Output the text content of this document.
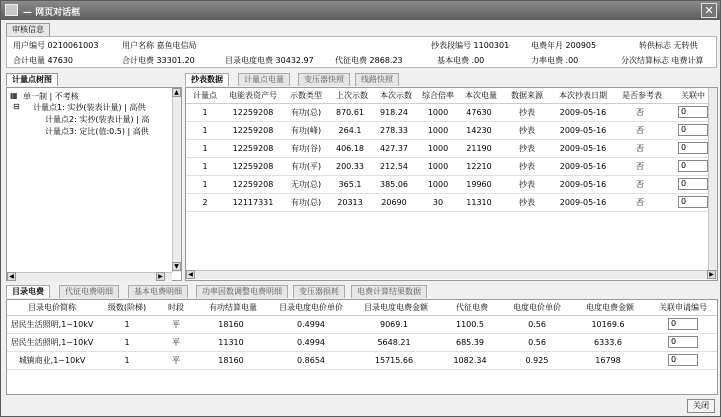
— 网页对话框	✕
审核信息
用户编号 0210061003	用户名称 嘉鱼电信局	抄表段编号 1100301	电费年月 200905	转供标志 无转供
合计电量 47630	合计电费 33301.20	目录电度电费 30432.97	代征电费 2868.23	基本电费 .00	力率电费 .00	分次结算标志 电费计算
计量点树图
▦ 单一制 | 不考核
⊟ 计量点1: 实抄(装表计量) | 高供
计量点2: 实抄(装表计量) | 高
计量点3: 定比(值:0.5) | 高供
▲
▼
◀	▶
抄表数据	计量点电量	变压器快照	线路快照
计量点	电能表资产号	示数类型	上次示数	本次示数	综合倍率	本次电量	数据来源	本次抄表日期	是否参考表	关联中
1	12259208	有功(总)	870.61	918.24	1000	47630	抄表	2009-05-16	否	0
1	12259208	有功(峰)	264.1	278.33	1000	14230	抄表	2009-05-16	否	0
1	12259208	有功(谷)	406.18	427.37	1000	21190	抄表	2009-05-16	否	0
1	12259208	有功(平)	200.33	212.54	1000	12210	抄表	2009-05-16	否	0
1	12259208	无功(总)	365.1	385.06	1000	19960	抄表	2009-05-16	否	0
2	12117331	有功(总)	20313	20690	30	11310	抄表	2009-05-16	否	0
◀	▶
目录电费	代征电费明细	基本电费明细	功率因数调整电费明细	变压器损耗	电费计算结果数据
目录电价简称	级数(阶梯)	时段	有功结算电量	目录电度电价单价	目录电度电费金额	代征电费	电度电价单价	电度电费金额	关联申请编号
居民生活照明,1~10kV	1	平	18160	0.4994	9069.1	1100.5	0.56	10169.6	0
居民生活照明,1~10kV	1	平	11310	0.4994	5648.21	685.39	0.56	6333.6	0
城镇商业,1~10kV	1	平	18160	0.8654	15715.66	1082.34	0.925	16798	0
关闭
